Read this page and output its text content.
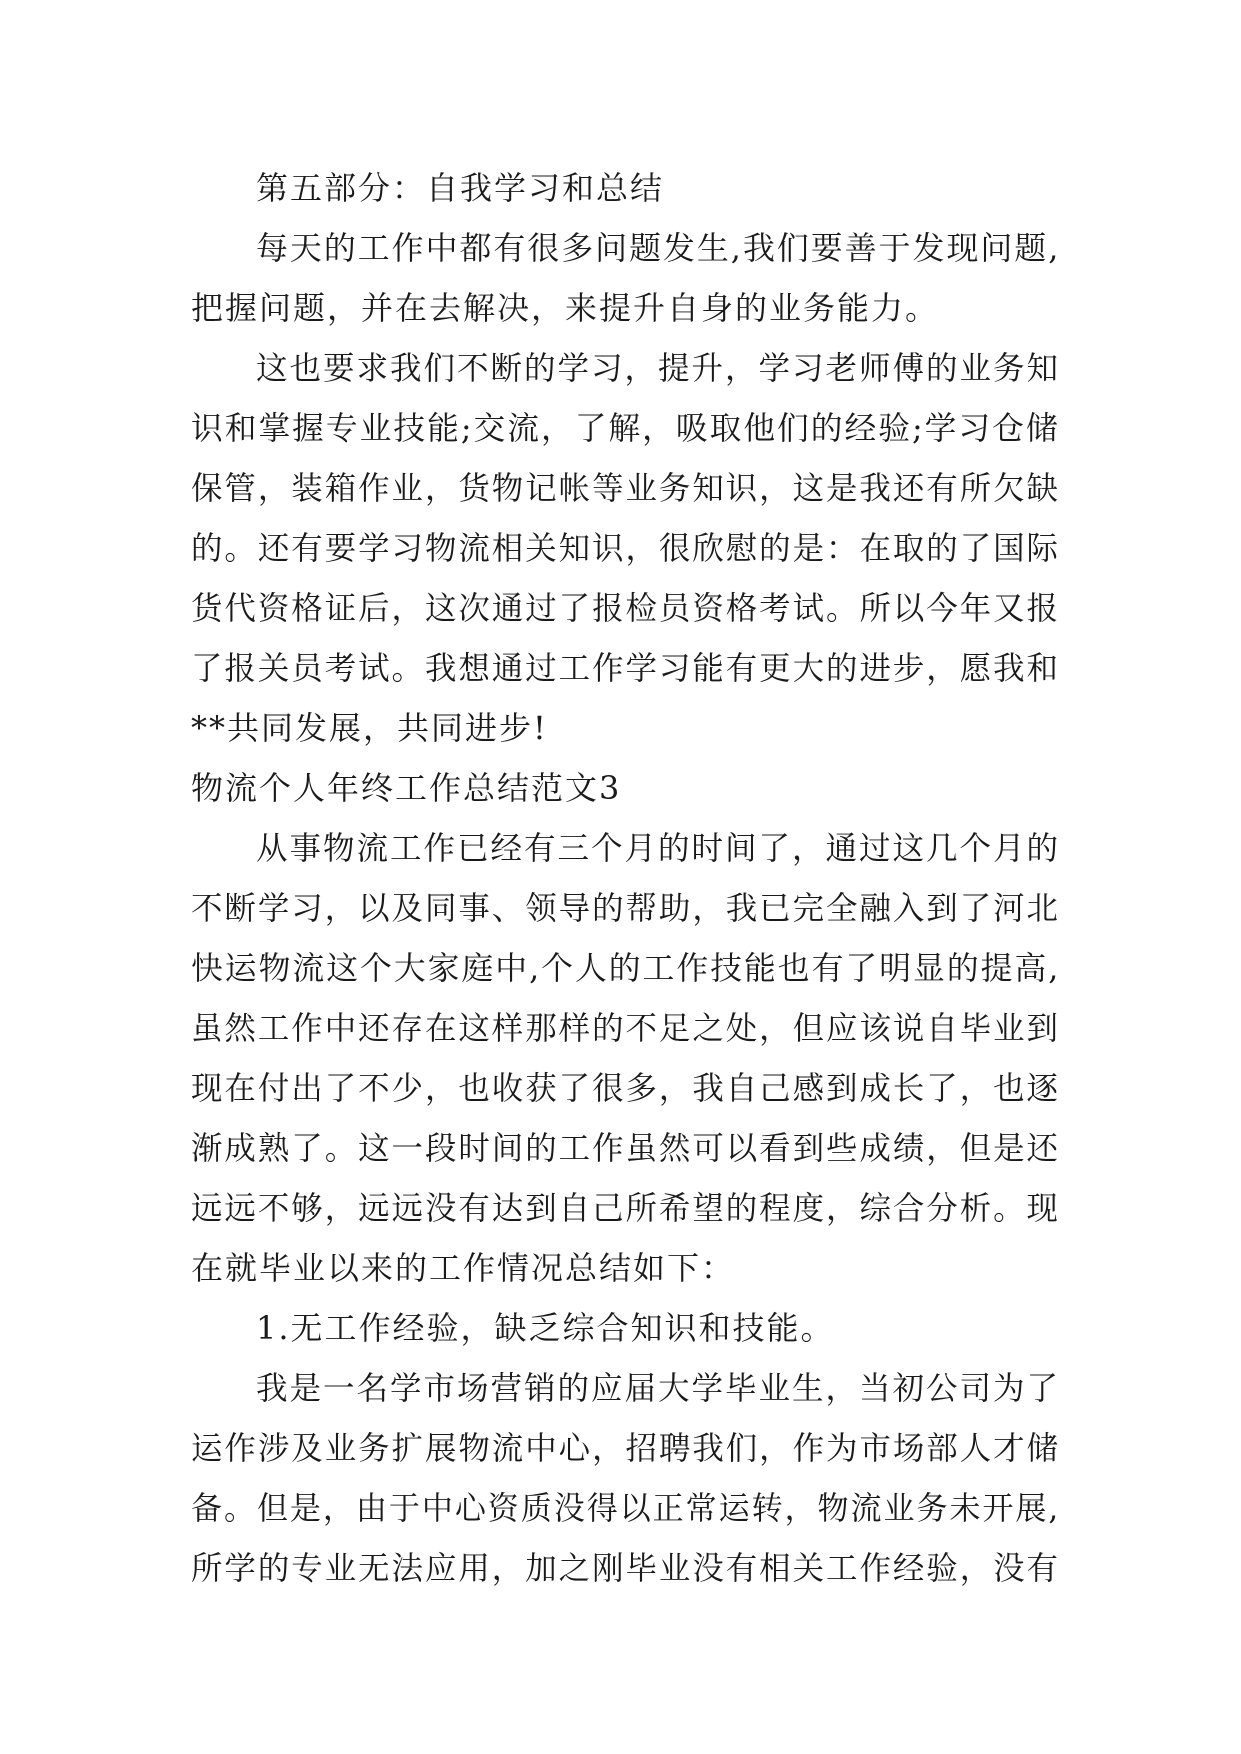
第五部分：自我学习和总结
每天的工作中都有很多问题发生,我们要善于发现问题,
把握问题，并在去解决，来提升自身的业务能力。
这也要求我们不断的学习，提升，学习老师傅的业务知
识和掌握专业技能;交流，了解，吸取他们的经验;学习仓储
保管，装箱作业，货物记帐等业务知识，这是我还有所欠缺
的。还有要学习物流相关知识，很欣慰的是：在取的了国际
货代资格证后，这次通过了报检员资格考试。所以今年又报
了报关员考试。我想通过工作学习能有更大的进步，愿我和
**共同发展，共同进步!
物流个人年终工作总结范文3
从事物流工作已经有三个月的时间了，通过这几个月的
不断学习，以及同事、领导的帮助，我已完全融入到了河北
快运物流这个大家庭中,个人的工作技能也有了明显的提高,
虽然工作中还存在这样那样的不足之处，但应该说自毕业到
现在付出了不少，也收获了很多，我自己感到成长了，也逐
渐成熟了。这一段时间的工作虽然可以看到些成绩，但是还
远远不够，远远没有达到自己所希望的程度，综合分析。现
在就毕业以来的工作情况总结如下：
1.无工作经验，缺乏综合知识和技能。
我是一名学市场营销的应届大学毕业生，当初公司为了
运作涉及业务扩展物流中心，招聘我们，作为市场部人才储
备。但是，由于中心资质没得以正常运转，物流业务未开展,
所学的专业无法应用，加之刚毕业没有相关工作经验，没有
